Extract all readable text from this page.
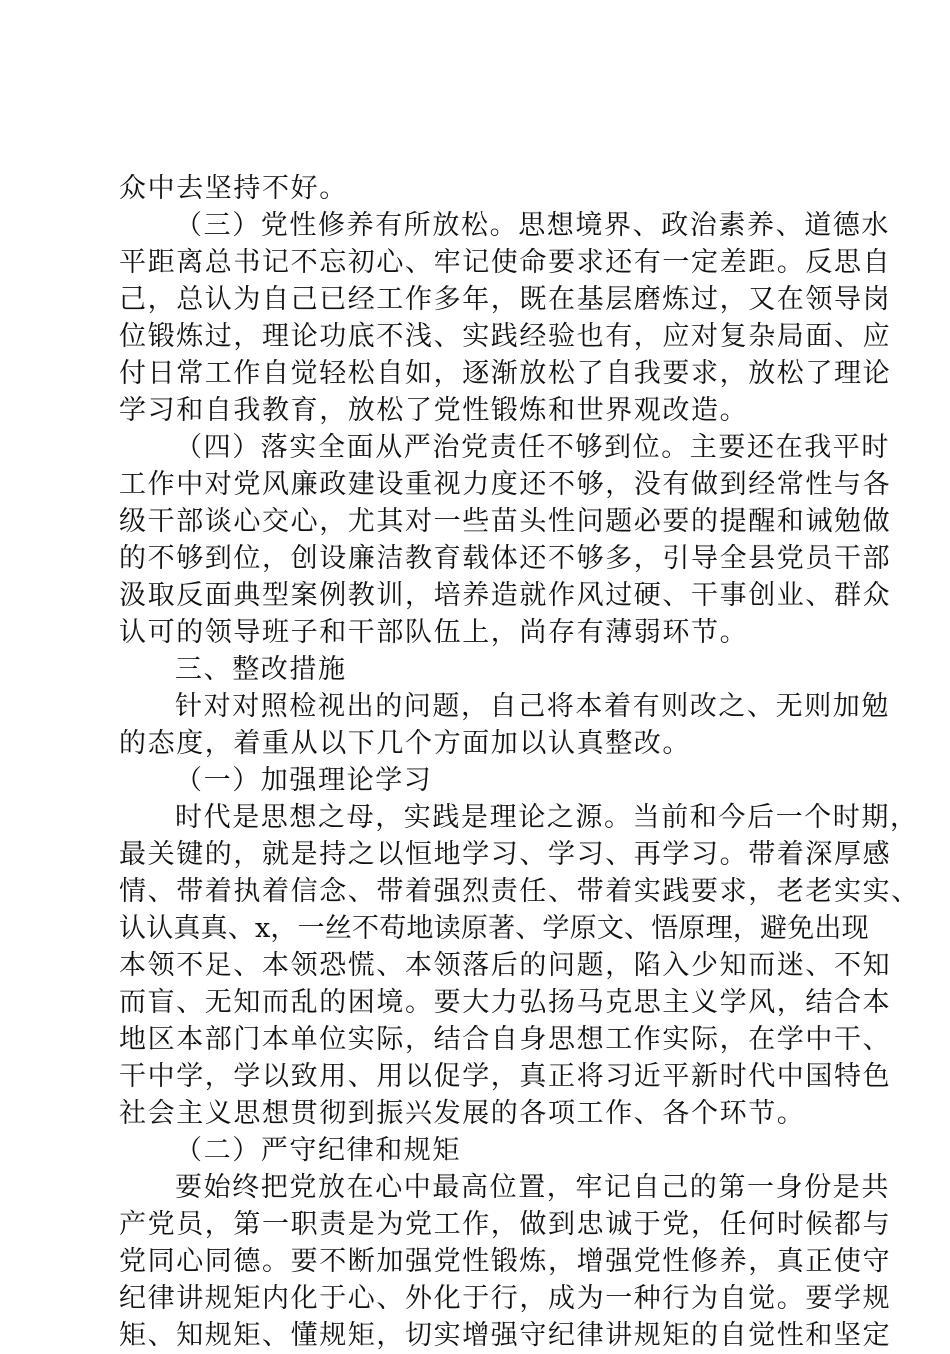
众中去坚持不好。
（三）党性修养有所放松。思想境界、政治素养、道德水
平距离总书记不忘初心、牢记使命要求还有一定差距。反思自
己，总认为自己已经工作多年，既在基层磨炼过，又在领导岗
位锻炼过，理论功底不浅、实践经验也有，应对复杂局面、应
付日常工作自觉轻松自如，逐渐放松了自我要求，放松了理论
学习和自我教育，放松了党性锻炼和世界观改造。
（四）落实全面从严治党责任不够到位。主要还在我平时
工作中对党风廉政建设重视力度还不够，没有做到经常性与各
级干部谈心交心，尤其对一些苗头性问题必要的提醒和诫勉做
的不够到位，创设廉洁教育载体还不够多，引导全县党员干部
汲取反面典型案例教训，培养造就作风过硬、干事创业、群众
认可的领导班子和干部队伍上，尚存有薄弱环节。
三、整改措施
针对对照检视出的问题，自己将本着有则改之、无则加勉
的态度，着重从以下几个方面加以认真整改。
（一）加强理论学习
时代是思想之母，实践是理论之源。当前和今后一个时期，
最关键的，就是持之以恒地学习、学习、再学习。带着深厚感
情、带着执着信念、带着强烈责任、带着实践要求，老老实实、
认认真真、x，一丝不苟地读原著、学原文、悟原理，避免出现
本领不足、本领恐慌、本领落后的问题，陷入少知而迷、不知
而盲、无知而乱的困境。要大力弘扬马克思主义学风，结合本
地区本部门本单位实际，结合自身思想工作实际，在学中干、
干中学，学以致用、用以促学，真正将习近平新时代中国特色
社会主义思想贯彻到振兴发展的各项工作、各个环节。
（二）严守纪律和规矩
要始终把党放在心中最高位置，牢记自己的第一身份是共
产党员，第一职责是为党工作，做到忠诚于党，任何时候都与
党同心同德。要不断加强党性锻炼，增强党性修养，真正使守
纪律讲规矩内化于心、外化于行，成为一种行为自觉。要学规
矩、知规矩、懂规矩，切实增强守纪律讲规矩的自觉性和坚定
